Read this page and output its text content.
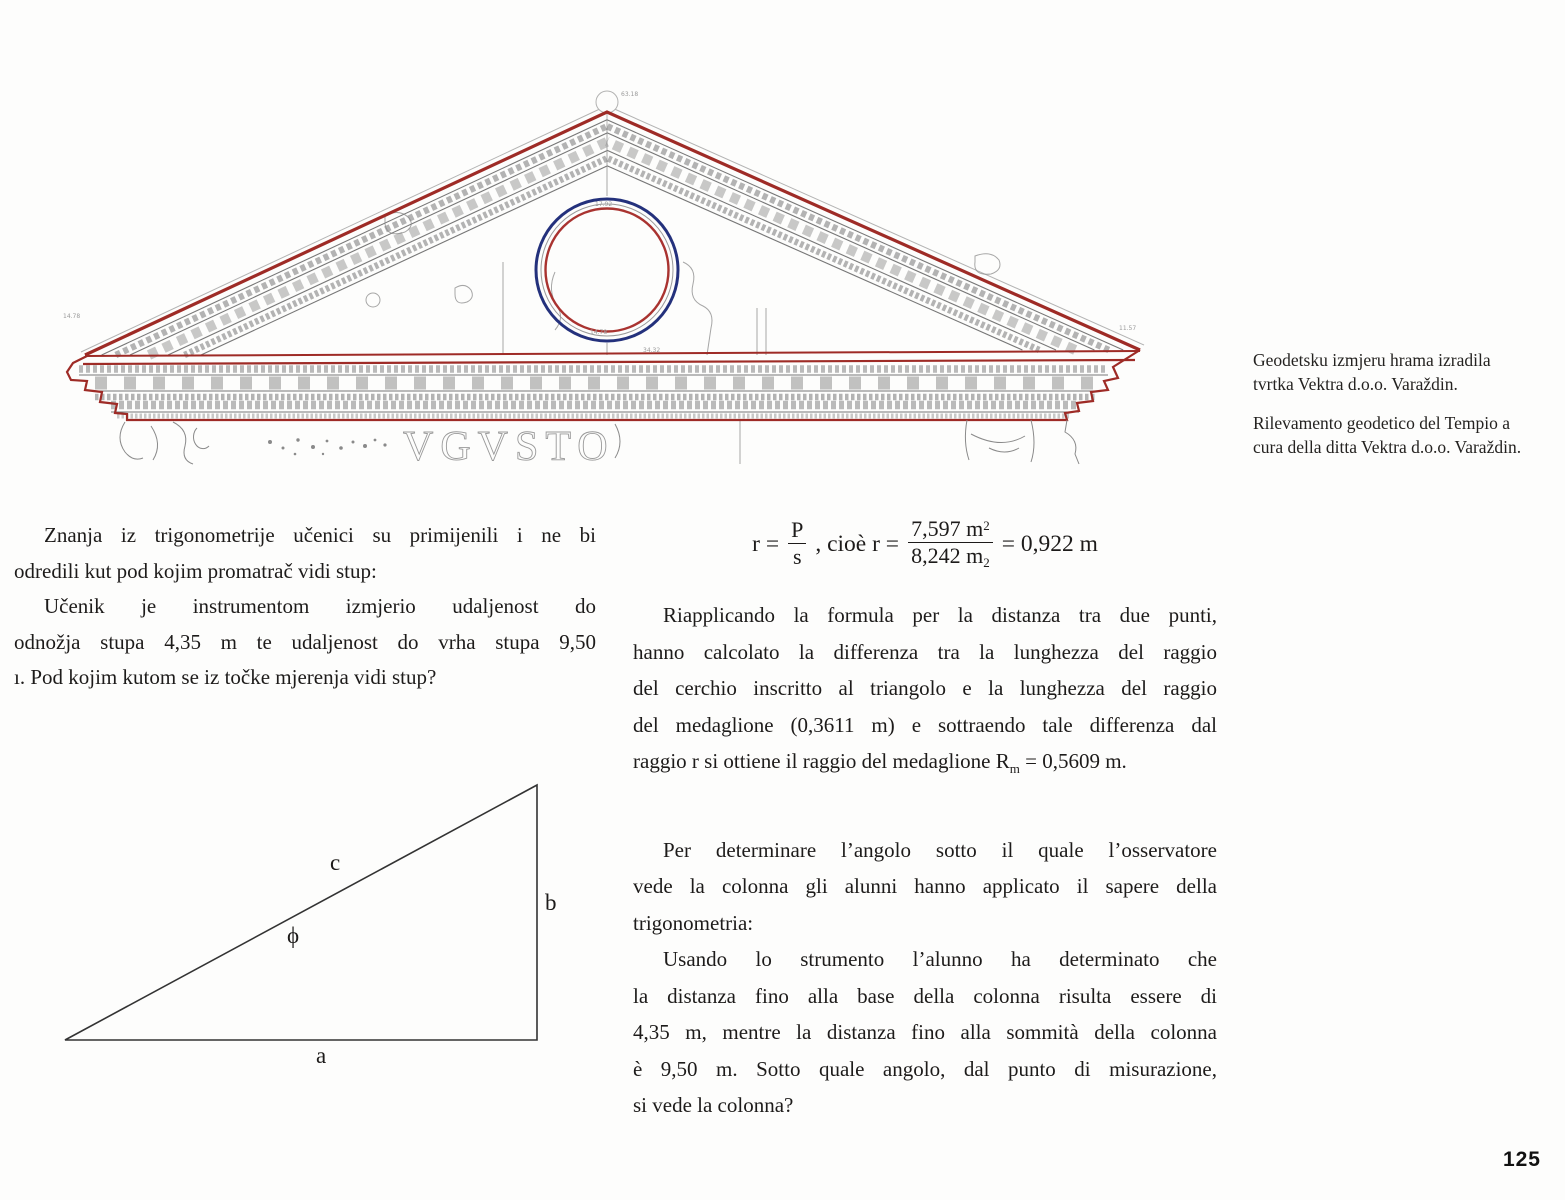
14.78
63.18
17.92
14.78
34.32
11.57
VGVSTO

Geodetsku izmjeru hrama izradila
tvrtka Vektra d.o.o. Varaždin.

Rilevamento geodetico del Tempio a
cura della ditta Vektra d.o.o. Varaždin.

Znanja iz trigonometrije učenici su primijenili i ne bi
odredili kut pod kojim promatrač vidi stup:
Učenik je instrumentom izmjerio udaljenost do
odnožja stupa 4,35 m te udaljenost do vrha stupa 9,50
ı. Pod kojim kutom se iz točke mjerenja vidi stup?
$r = \frac{P}{s}$ , cioè $r = \frac{7,597 m^2}{8,242 m2} = 0,922$ m
Riapplicando la formula per la distanza tra due punti,
hanno calcolato la differenza tra la lunghezza del raggio
del cerchio inscritto al triangolo e la lunghezza del raggio
del medaglione (0,3611 m) e sottraendo tale differenza dal
raggio r si ottiene il raggio del medaglione $R_m = 0,5609$ m.
Per determinare l’angolo sotto il quale l’osservatore
vede la colonna gli alunni hanno applicato il sapere della
trigonometria:
Usando lo strumento l’alunno ha determinato che
la distanza fino alla base della colonna risulta essere di
4,35 m, mentre la distanza fino alla sommità della colonna
è 9,50 m. Sotto quale angolo, dal punto di misurazione,
si vede la colonna?
c
ϕ
b
a
125
